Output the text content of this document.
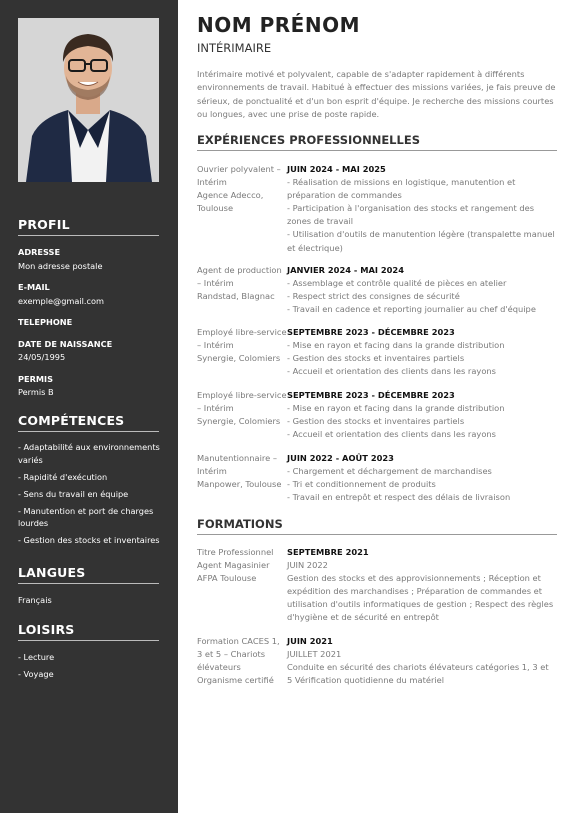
PROFIL
ADRESSE
Mon adresse postale
E-MAIL
exemple@gmail.com
TELEPHONE
DATE DE NAISSANCE
24/05/1995
PERMIS
Permis B
COMPÉTENCES
- Adaptabilité aux environnements variés
- Rapidité d'exécution
- Sens du travail en équipe
- Manutention et port de charges lourdes
- Gestion des stocks et inventaires
LANGUES
Français
LOISIRS
- Lecture
- Voyage
NOM PRÉNOM
INTÉRIMAIRE
Intérimaire motivé et polyvalent, capable de s'adapter rapidement à différents environnements de travail. Habitué à effectuer des missions variées, je fais preuve de sérieux, de ponctualité et d'un bon esprit d'équipe. Je recherche des missions courtes ou longues, avec une prise de poste rapide.
EXPÉRIENCES PROFESSIONNELLES
Ouvrier polyvalent – Intérim
Agence Adecco, Toulouse
JUIN 2024 - MAI 2025
- Réalisation de missions en logistique, manutention et préparation de commandes
- Participation à l'organisation des stocks et rangement des zones de travail
- Utilisation d'outils de manutention légère (transpalette manuel et électrique)
Agent de production – Intérim
Randstad, Blagnac
JANVIER 2024 - MAI 2024
- Assemblage et contrôle qualité de pièces en atelier
- Respect strict des consignes de sécurité
- Travail en cadence et reporting journalier au chef d'équipe
Employé libre-service – Intérim
Synergie, Colomiers
SEPTEMBRE 2023 - DÉCEMBRE 2023
- Mise en rayon et facing dans la grande distribution
- Gestion des stocks et inventaires partiels
- Accueil et orientation des clients dans les rayons
Employé libre-service – Intérim
Synergie, Colomiers
SEPTEMBRE 2023 - DÉCEMBRE 2023
- Mise en rayon et facing dans la grande distribution
- Gestion des stocks et inventaires partiels
- Accueil et orientation des clients dans les rayons
Manutentionnaire – Intérim
Manpower, Toulouse
JUIN 2022 - AOÛT 2023
- Chargement et déchargement de marchandises
- Tri et conditionnement de produits
- Travail en entrepôt et respect des délais de livraison
FORMATIONS
Titre Professionnel Agent Magasinier AFPA Toulouse
SEPTEMBRE 2021
JUIN 2022
Gestion des stocks et des approvisionnements ; Réception et expédition des marchandises ; Préparation de commandes et utilisation d'outils informatiques de gestion ; Respect des règles d'hygiène et de sécurité en entrepôt
Formation CACES 1, 3 et 5 – Chariots élévateurs Organisme certifié
JUIN 2021
JUILLET 2021
Conduite en sécurité des chariots élévateurs catégories 1, 3 et 5 Vérification quotidienne du matériel
